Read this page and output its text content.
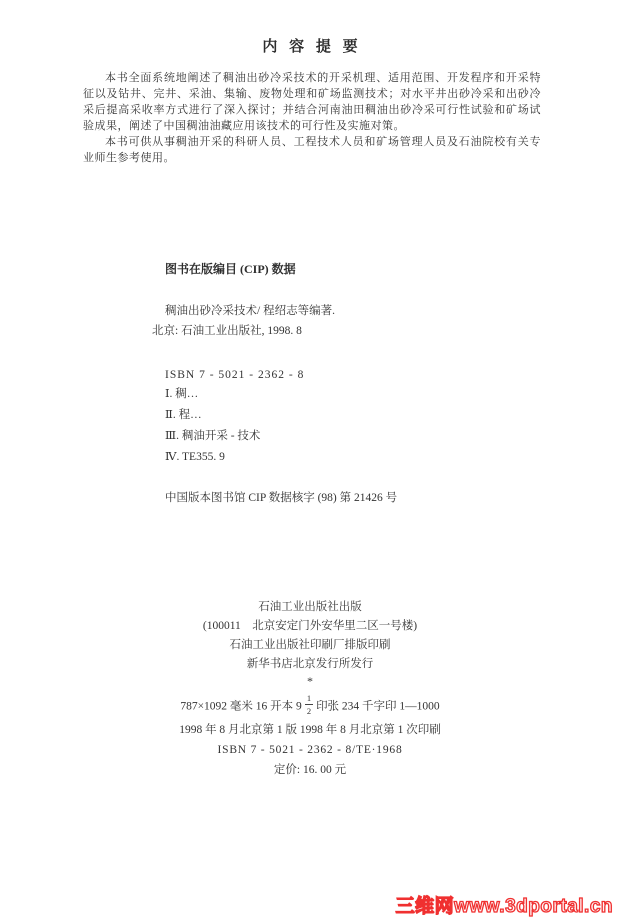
内 容 提 要

本书全面系统地阐述了稠油出砂冷采技术的开采机理、适用范围、开发程序和开采特征以及钻井、完井、采油、集输、废物处理和矿场监测技术；对水平井出砂冷采和出砂冷采后提高采收率方式进行了深入探讨；并结合河南油田稠油出砂冷采可行性试验和矿场试验成果，阐述了中国稠油油藏应用该技术的可行性及实施对策。

本书可供从事稠油开采的科研人员、工程技术人员和矿场管理人员及石油院校有关专业师生参考使用。

图书在版编目 (CIP) 数据
稠油出砂冷采技术/ 程绍志等编著.
北京: 石油工业出版社, 1998. 8
ISBN 7 - 5021 - 2362 - 8
Ⅰ. 稠…
Ⅱ. 程…
Ⅲ. 稠油开采 - 技术
Ⅳ. TE355. 9
中国版本图书馆 CIP 数据核字 (98) 第 21426 号
石油工业出版社出版
(100011　北京安定门外安华里二区一号楼)
石油工业出版社印刷厂排版印刷
新华书店北京发行所发行
*
787×1092 毫米 16 开本 $9 \frac{1}{2}$ 印张 234 千字印 1—1000
1998 年 8 月北京第 1 版 1998 年 8 月北京第 1 次印刷
ISBN 7 - 5021 - 2362 - 8/TE·1968
定价: 16. 00 元
三维网www.3dportal.cn
